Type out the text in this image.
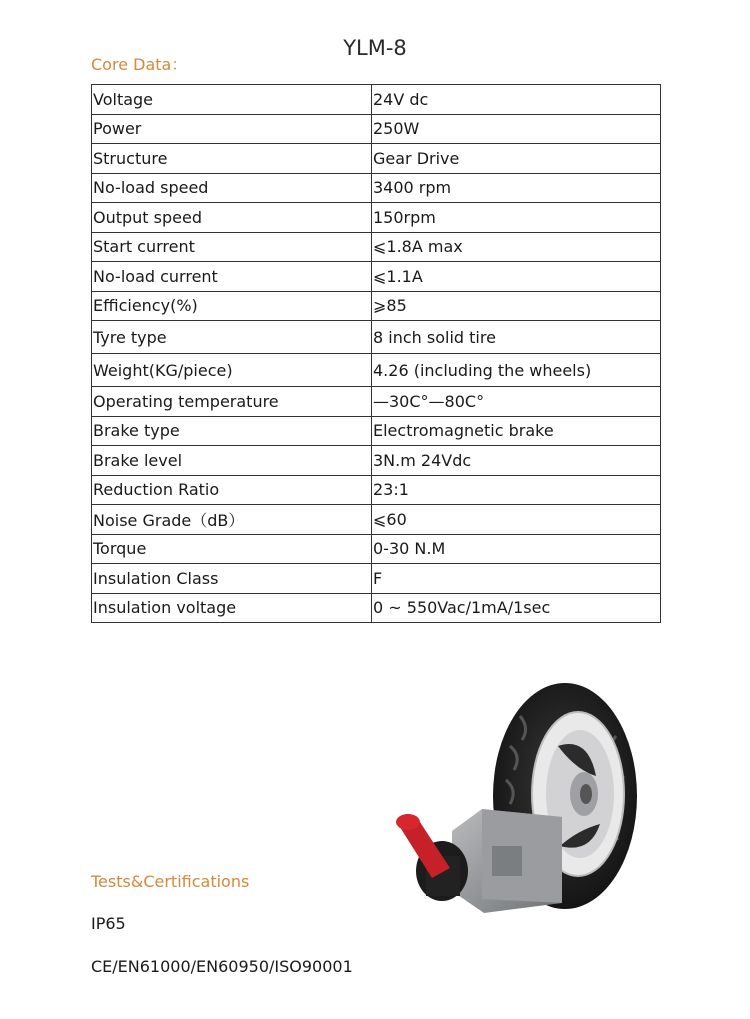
Core Data：
YLM-8
Voltage	24V dc
Power	250W
Structure	Gear Drive
No-load speed	3400 rpm
Output speed	150rpm
Start current	⩽1.8A max
No-load current	⩽1.1A
Efficiency(%)	⩾85
Tyre type	8 inch solid tire
Weight(KG/piece)	4.26 (including the wheels)
Operating temperature	—30C°—80C°
Brake type	Electromagnetic brake
Brake level	3N.m 24Vdc
Reduction Ratio	23:1
Noise Grade（dB）	⩽60
Torque	0-30 N.M
Insulation Class	F
Insulation voltage	0 ~ 550Vac/1mA/1sec
Tests&Certifications
IP65
CE/EN61000/EN60950/ISO90001
